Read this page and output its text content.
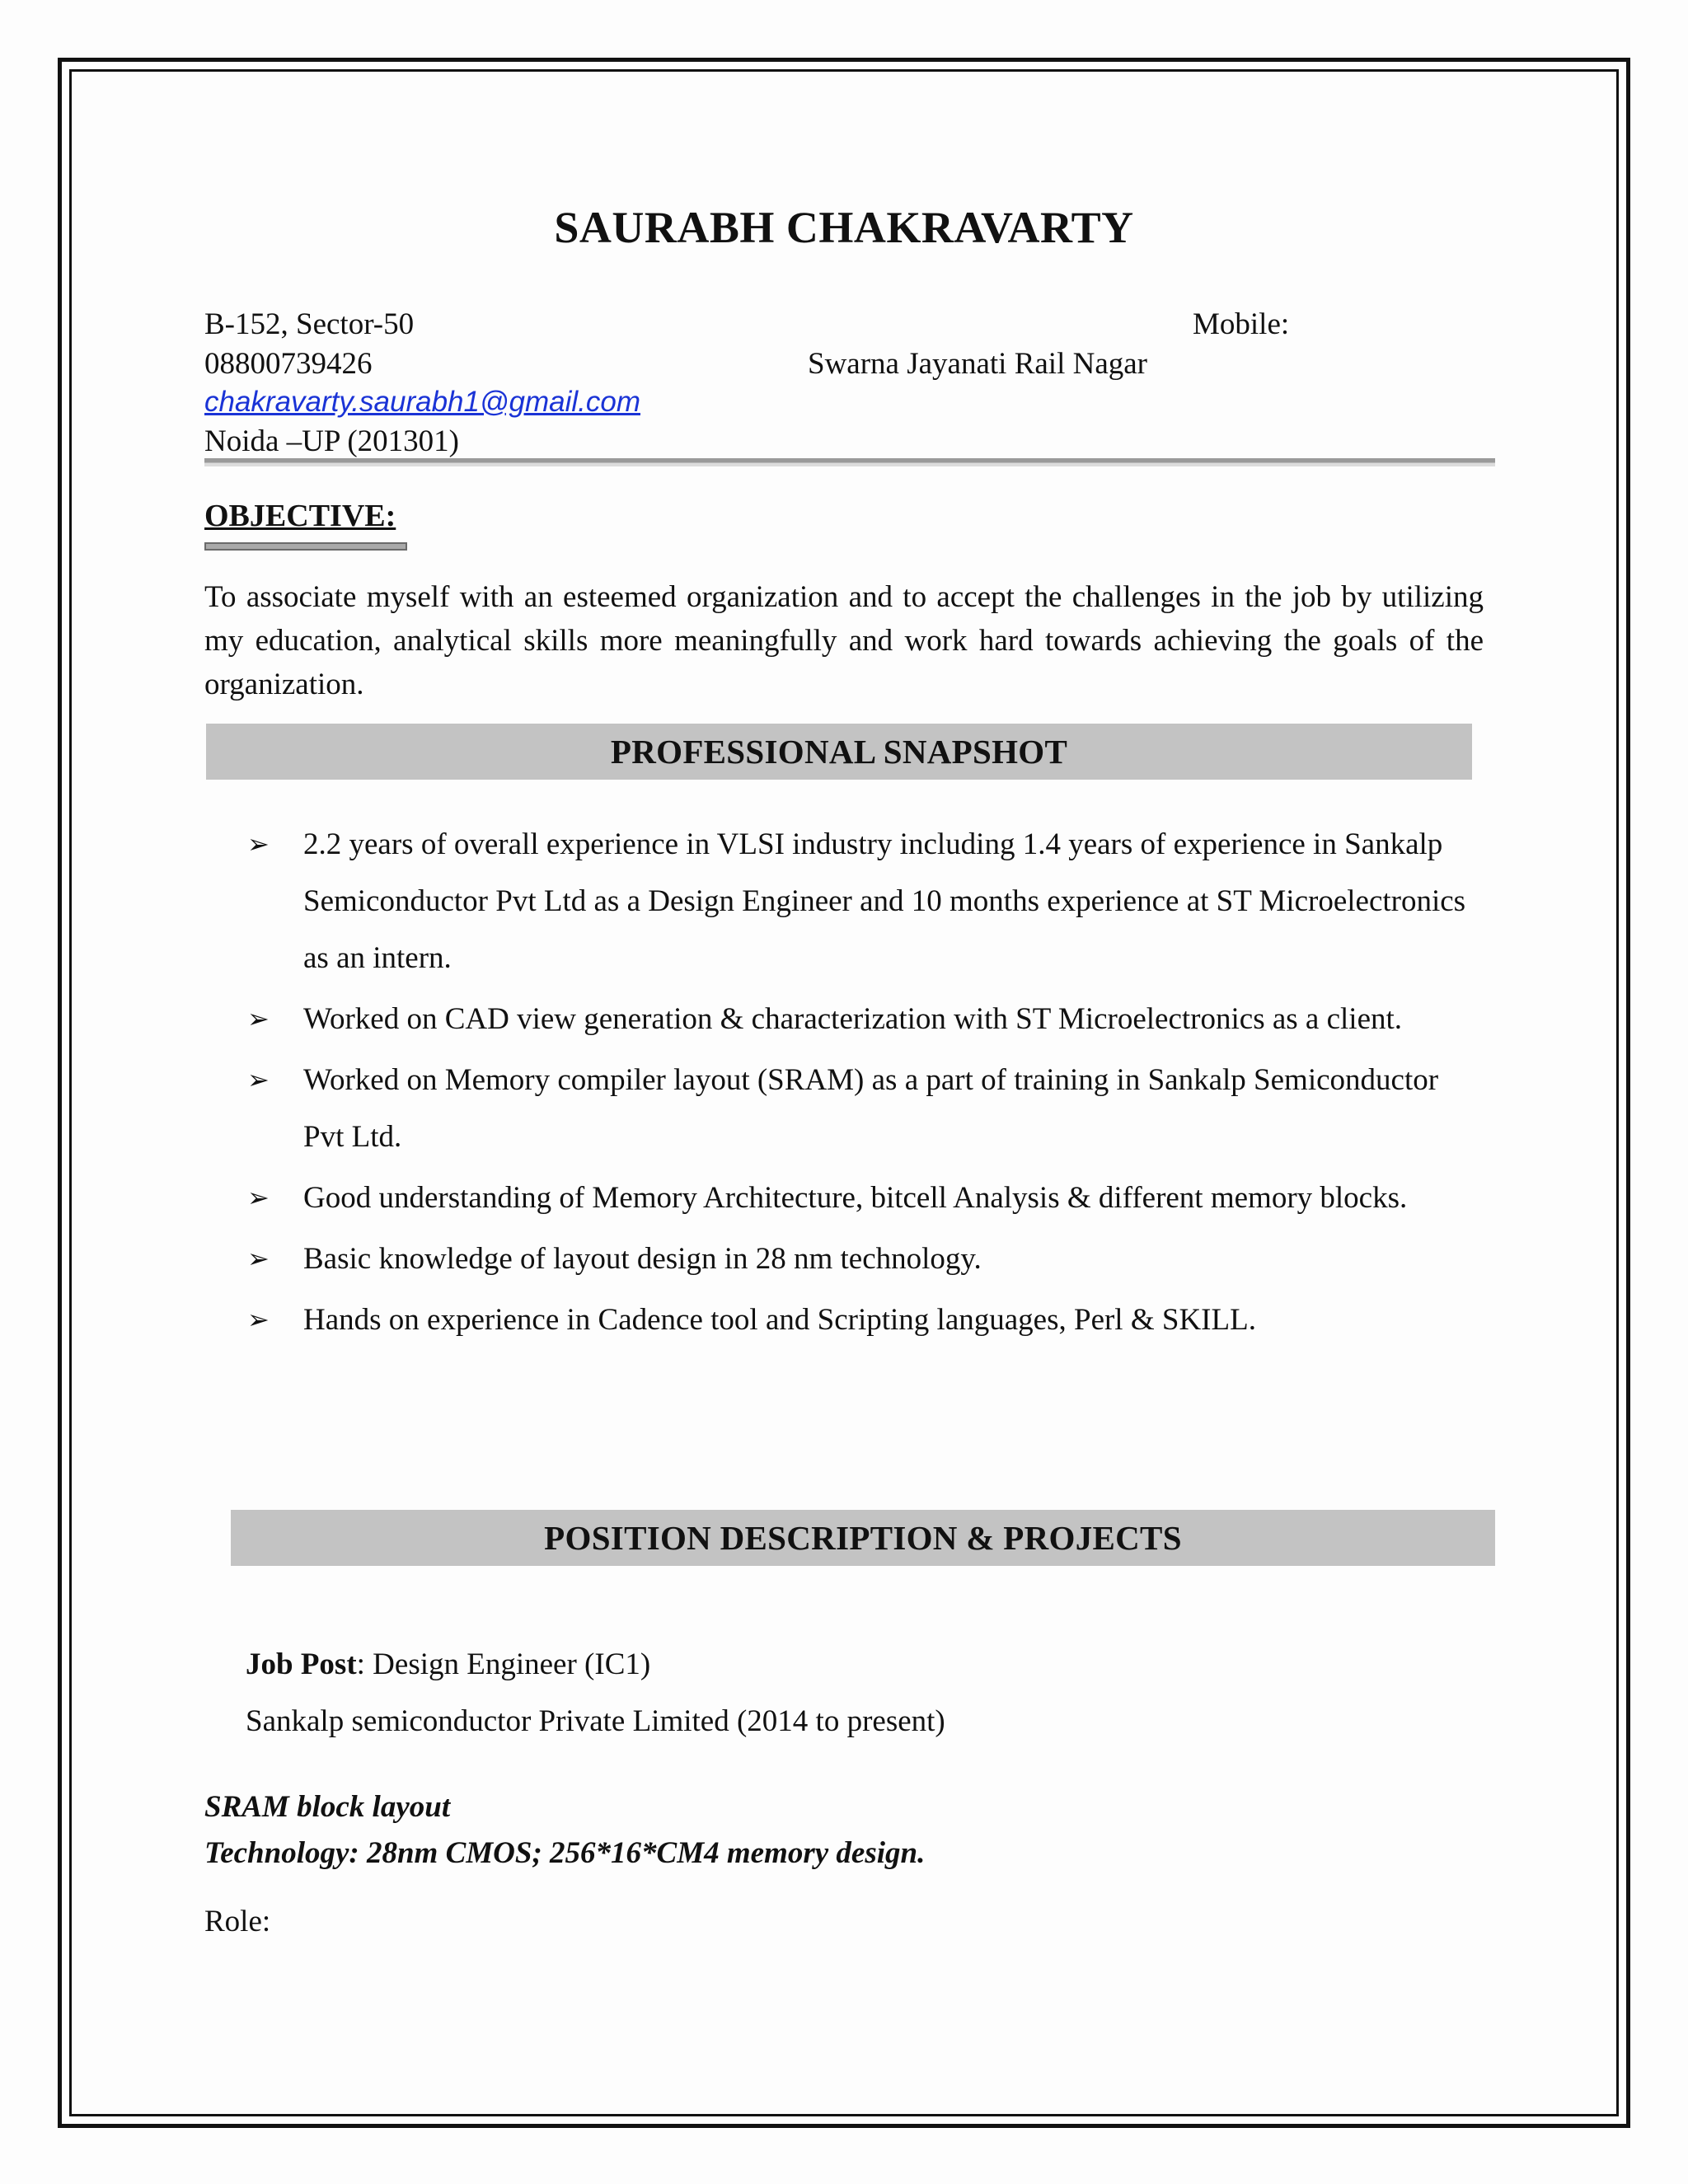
SAURABH CHAKRAVARTY
B-152, Sector-50	Mobile:
08800739426	Swarna Jayanati Rail Nagar
chakravarty.saurabh1@gmail.com
Noida –UP (201301)
OBJECTIVE:
To associate myself with an esteemed organization and to accept the challenges in the job by utilizing my education, analytical skills more meaningfully and work hard towards achieving the goals of the organization.
PROFESSIONAL SNAPSHOT
➢ 2.2 years of overall experience in VLSI industry including 1.4 years of experience in Sankalp Semiconductor Pvt Ltd as a Design Engineer and 10 months experience at ST Microelectronics as an intern.
➢ Worked on CAD view generation & characterization with ST Microelectronics as a client.
➢ Worked on Memory compiler layout (SRAM) as a part of training in Sankalp Semiconductor Pvt Ltd.
➢ Good understanding of Memory Architecture, bitcell Analysis & different memory blocks.
➢ Basic knowledge of layout design in 28 nm technology.
➢ Hands on experience in Cadence tool and Scripting languages, Perl & SKILL.
POSITION DESCRIPTION & PROJECTS
Job Post: Design Engineer (IC1)
Sankalp semiconductor Private Limited (2014 to present)
SRAM block layout
Technology: 28nm CMOS; 256*16*CM4 memory design.
Role:
